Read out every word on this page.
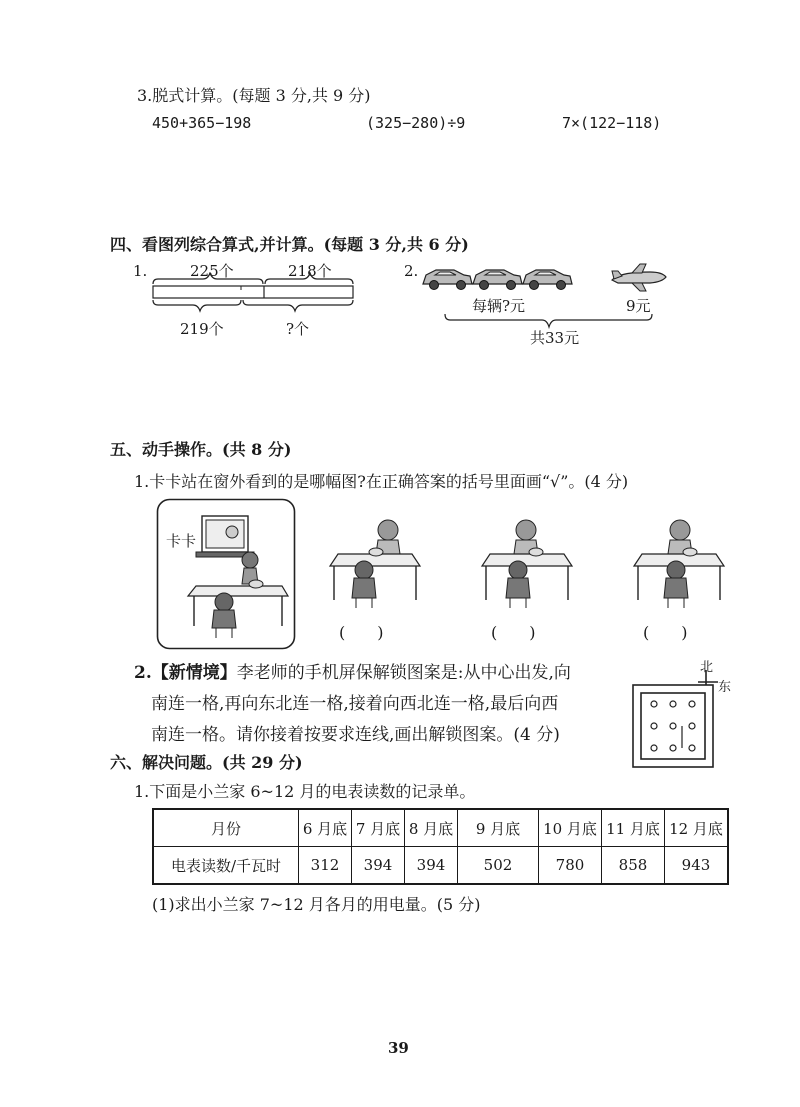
3.脱式计算。(每题 3 分,共 9 分)
450+365−198	(325−280)÷9	7×(122−118)
四、看图列综合算式,并计算。(每题 3 分,共 6 分)
1.	225个	218个
219个	?个
2.
每辆?元	9元
共33元
五、动手操作。(共 8 分)
1.卡卡站在窗外看到的是哪幅图?在正确答案的括号里面画“√”。(4 分)
卡卡
(　　)	(　　)	(　　)
2.【新情境】李老师的手机屏保解锁图案是:从中心出发,向
南连一格,再向东北连一格,接着向西北连一格,最后向西
南连一格。请你接着按要求连线,画出解锁图案。(4 分)
北
东
六、解决问题。(共 29 分)
1.下面是小兰家 6~12 月的电表读数的记录单。
月份	6 月底	7 月底	8 月底	9 月底	10 月底	11 月底	12 月底
电表读数/千瓦时	312	394	394	502	780	858	943
(1)求出小兰家 7~12 月各月的用电量。(5 分)
39
